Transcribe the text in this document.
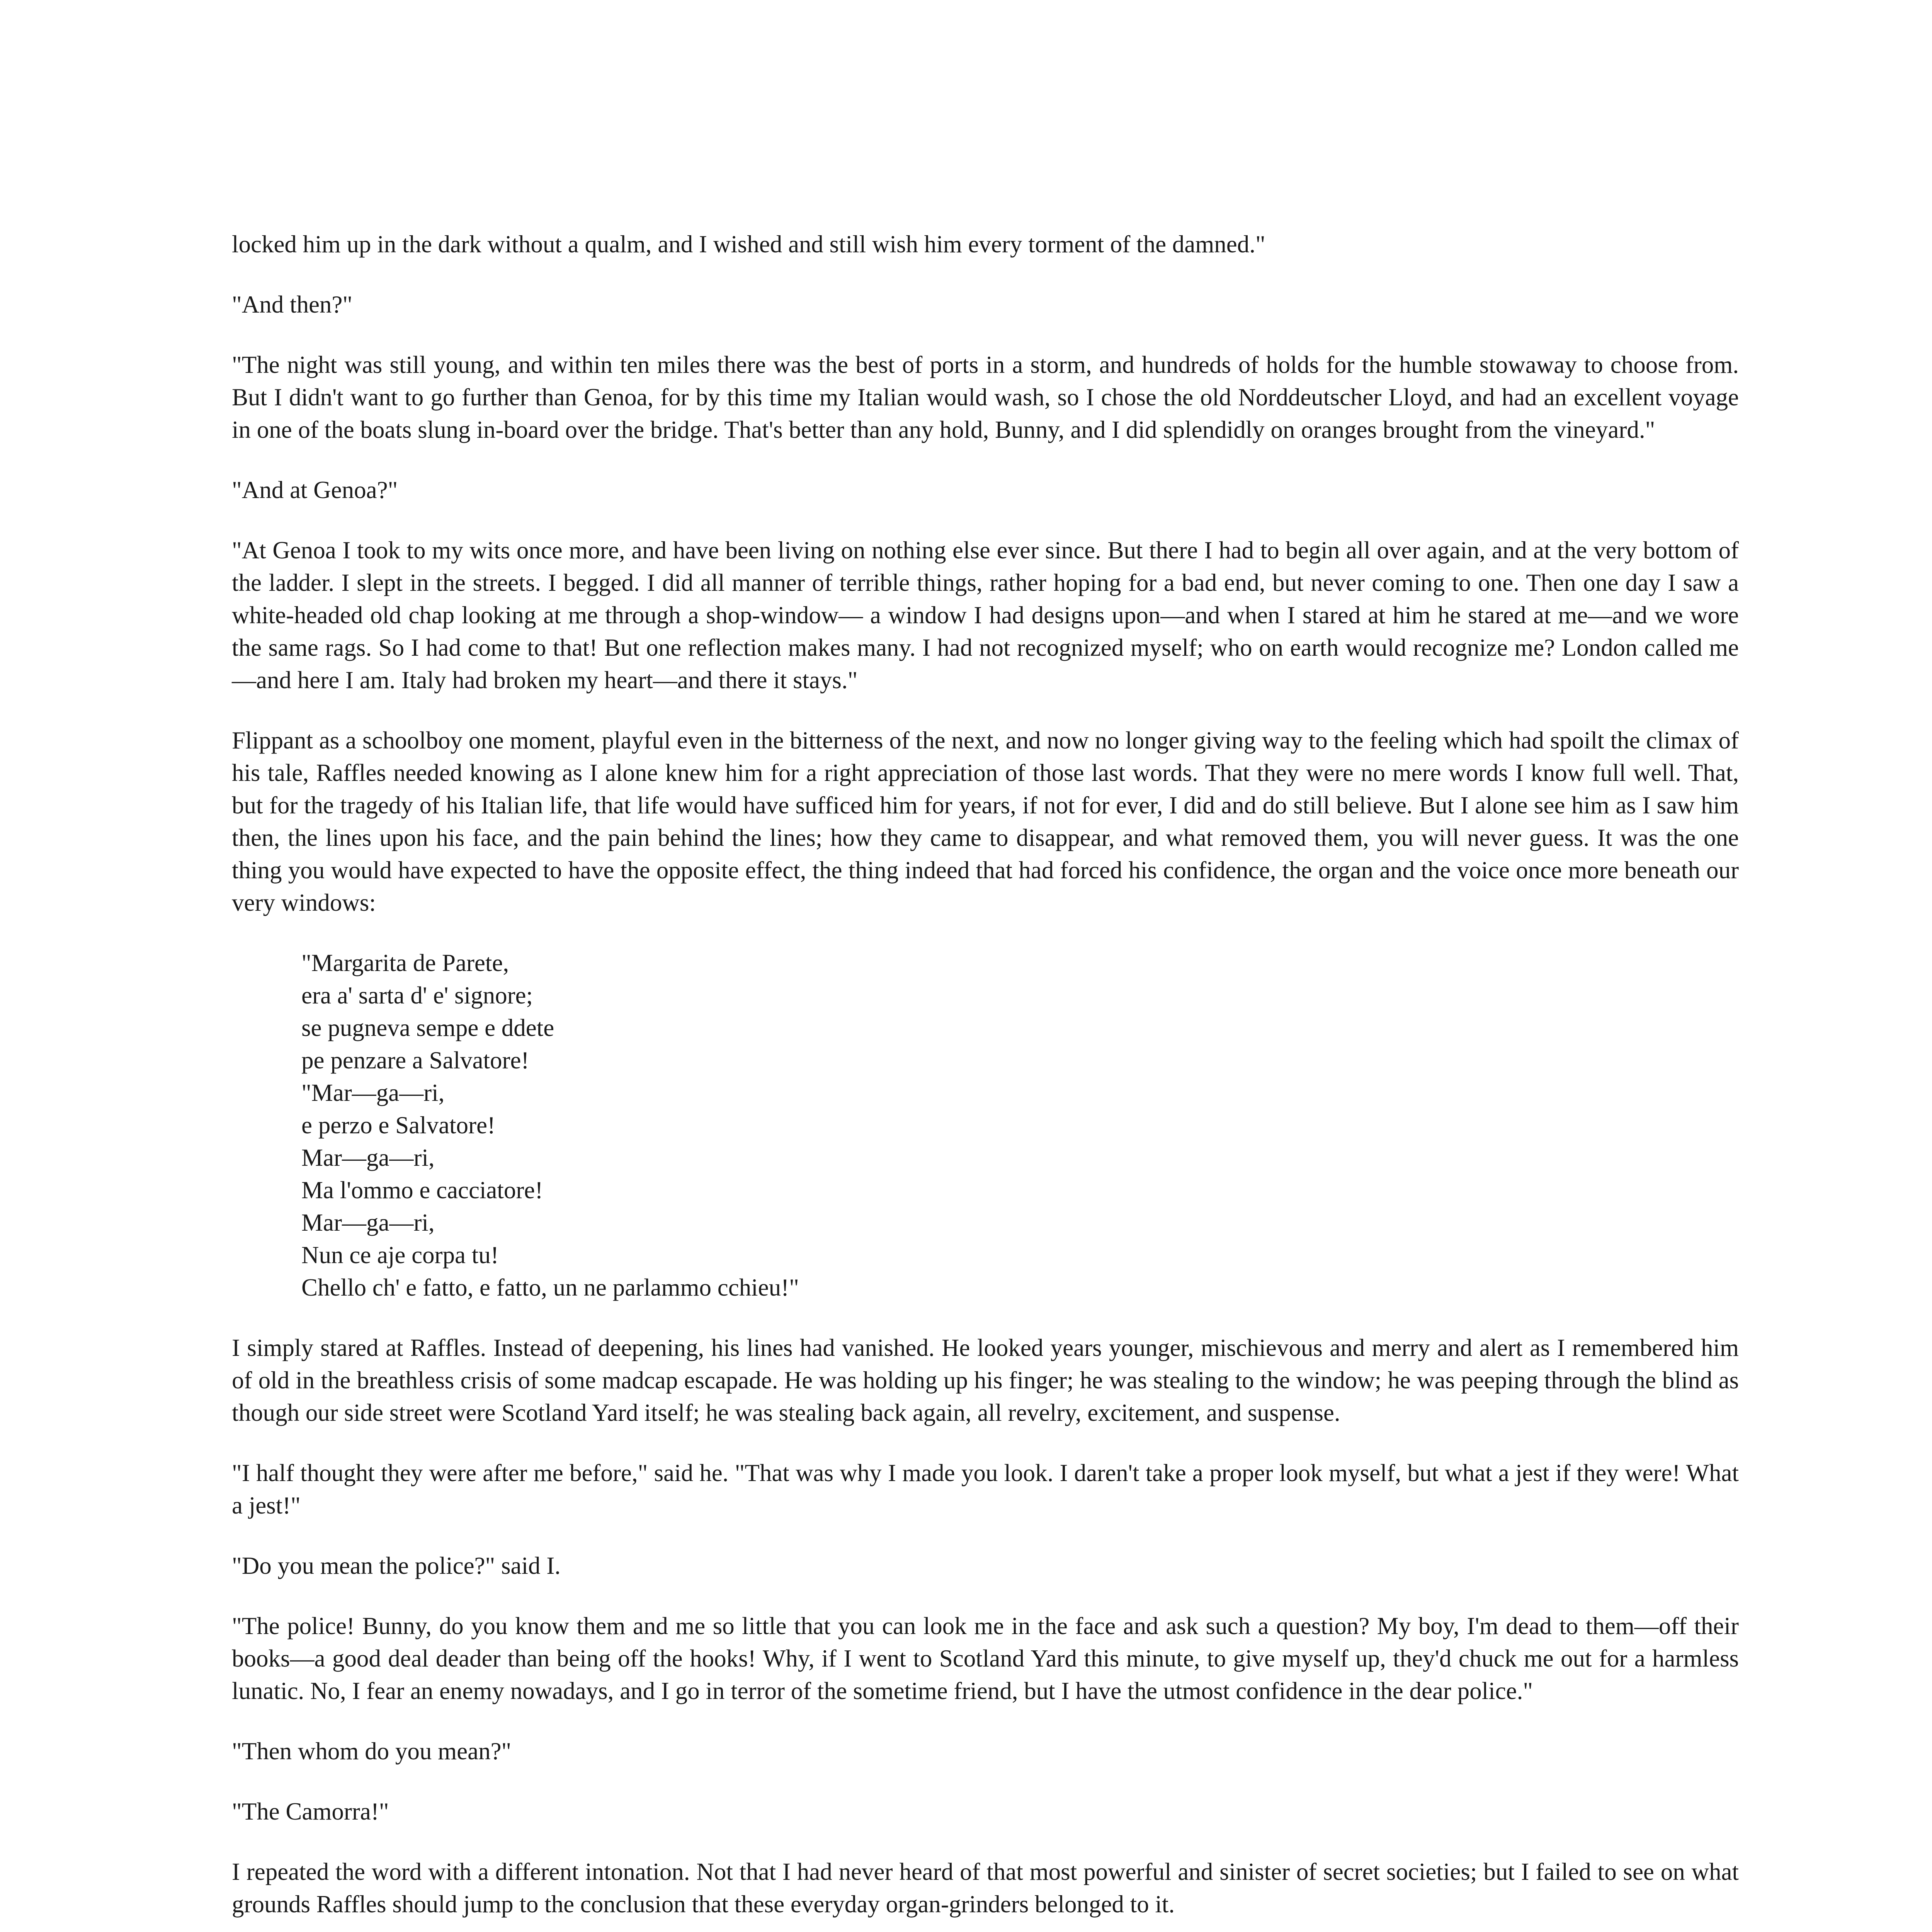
locked him up in the dark without a qualm, and I wished and still wish him every torment of the damned."

"And then?"

"The night was still young, and within ten miles there was the best of ports in a storm, and hundreds of holds for the humble stowaway to choose from. But I didn't want to go further than Genoa, for by this time my Italian would wash, so I chose the old Norddeutscher Lloyd, and had an excellent voyage in one of the boats slung in-board over the bridge. That's better than any hold, Bunny, and I did splendidly on oranges brought from the vineyard."

"And at Genoa?"

"At Genoa I took to my wits once more, and have been living on nothing else ever since. But there I had to begin all over again, and at the very bottom of the ladder. I slept in the streets. I begged. I did all manner of terrible things, rather hoping for a bad end, but never coming to one. Then one day I saw a white-headed old chap looking at me through a shop-window— a window I had designs upon—and when I stared at him he stared at me—and we wore the same rags. So I had come to that! But one reflection makes many. I had not recognized myself; who on earth would recognize me? London called me—and here I am. Italy had broken my heart—and there it stays."

Flippant as a schoolboy one moment, playful even in the bitterness of the next, and now no longer giving way to the feeling which had spoilt the climax of his tale, Raffles needed knowing as I alone knew him for a right appreciation of those last words. That they were no mere words I know full well. That, but for the tragedy of his Italian life, that life would have sufficed him for years, if not for ever, I did and do still believe. But I alone see him as I saw him then, the lines upon his face, and the pain behind the lines; how they came to disappear, and what removed them, you will never guess. It was the one thing you would have expected to have the opposite effect, the thing indeed that had forced his confidence, the organ and the voice once more beneath our very windows:

"Margarita de Parete,
era a' sarta d' e' signore;
se pugneva sempe e ddete
pe penzare a Salvatore!
"Mar—ga—ri,
e perzo e Salvatore!
Mar—ga—ri,
Ma l'ommo e cacciatore!
Mar—ga—ri,
Nun ce aje corpa tu!
Chello ch' e fatto, e fatto, un ne parlammo cchieu!"

I simply stared at Raffles. Instead of deepening, his lines had vanished. He looked years younger, mischievous and merry and alert as I remembered him of old in the breathless crisis of some madcap escapade. He was holding up his finger; he was stealing to the window; he was peeping through the blind as though our side street were Scotland Yard itself; he was stealing back again, all revelry, excitement, and suspense.

"I half thought they were after me before," said he. "That was why I made you look. I daren't take a proper look myself, but what a jest if they were! What a jest!"

"Do you mean the police?" said I.

"The police! Bunny, do you know them and me so little that you can look me in the face and ask such a question? My boy, I'm dead to them—off their books—a good deal deader than being off the hooks! Why, if I went to Scotland Yard this minute, to give myself up, they'd chuck me out for a harmless lunatic. No, I fear an enemy nowadays, and I go in terror of the sometime friend, but I have the utmost confidence in the dear police."

"Then whom do you mean?"

"The Camorra!"

I repeated the word with a different intonation. Not that I had never heard of that most powerful and sinister of secret societies; but I failed to see on what grounds Raffles should jump to the conclusion that these everyday organ-grinders belonged to it.
